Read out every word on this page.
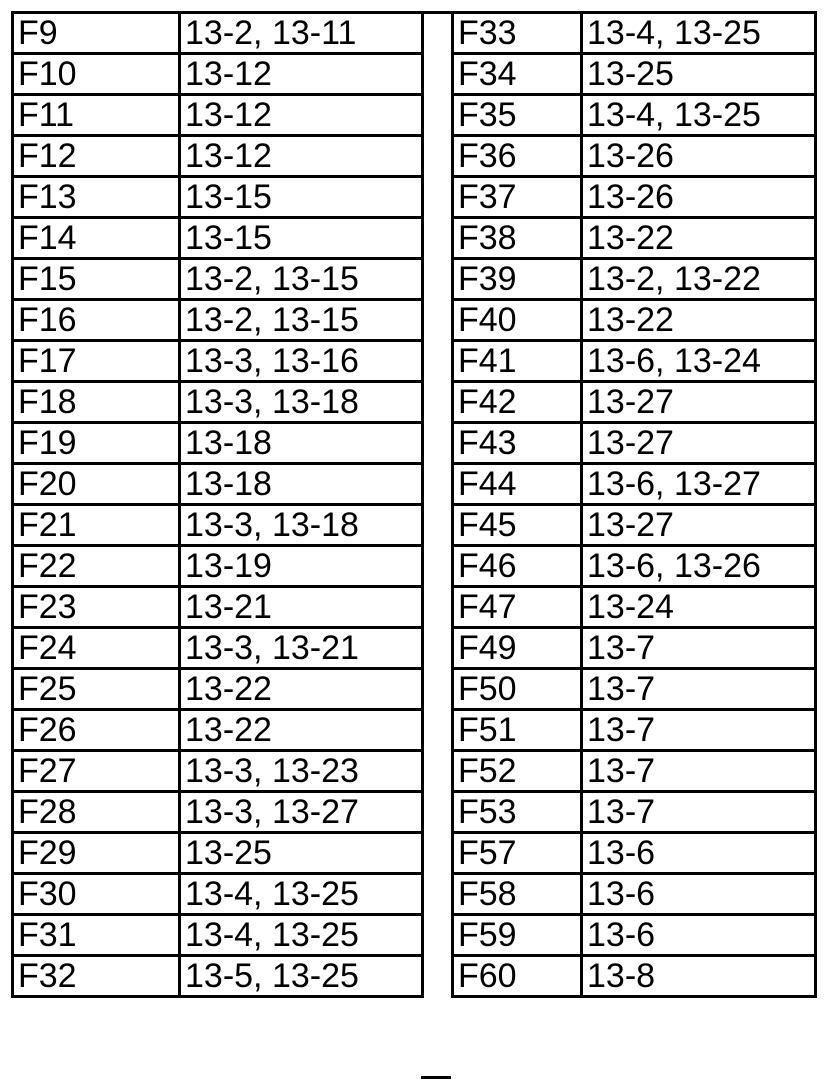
F9	13-2, 13-11
F10	13-12
F11	13-12
F12	13-12
F13	13-15
F14	13-15
F15	13-2, 13-15
F16	13-2, 13-15
F17	13-3, 13-16
F18	13-3, 13-18
F19	13-18
F20	13-18
F21	13-3, 13-18
F22	13-19
F23	13-21
F24	13-3, 13-21
F25	13-22
F26	13-22
F27	13-3, 13-23
F28	13-3, 13-27
F29	13-25
F30	13-4, 13-25
F31	13-4, 13-25
F32	13-5, 13-25
F33	13-4, 13-25
F34	13-25
F35	13-4, 13-25
F36	13-26
F37	13-26
F38	13-22
F39	13-2, 13-22
F40	13-22
F41	13-6, 13-24
F42	13-27
F43	13-27
F44	13-6, 13-27
F45	13-27
F46	13-6, 13-26
F47	13-24
F49	13-7
F50	13-7
F51	13-7
F52	13-7
F53	13-7
F57	13-6
F58	13-6
F59	13-6
F60	13-8
